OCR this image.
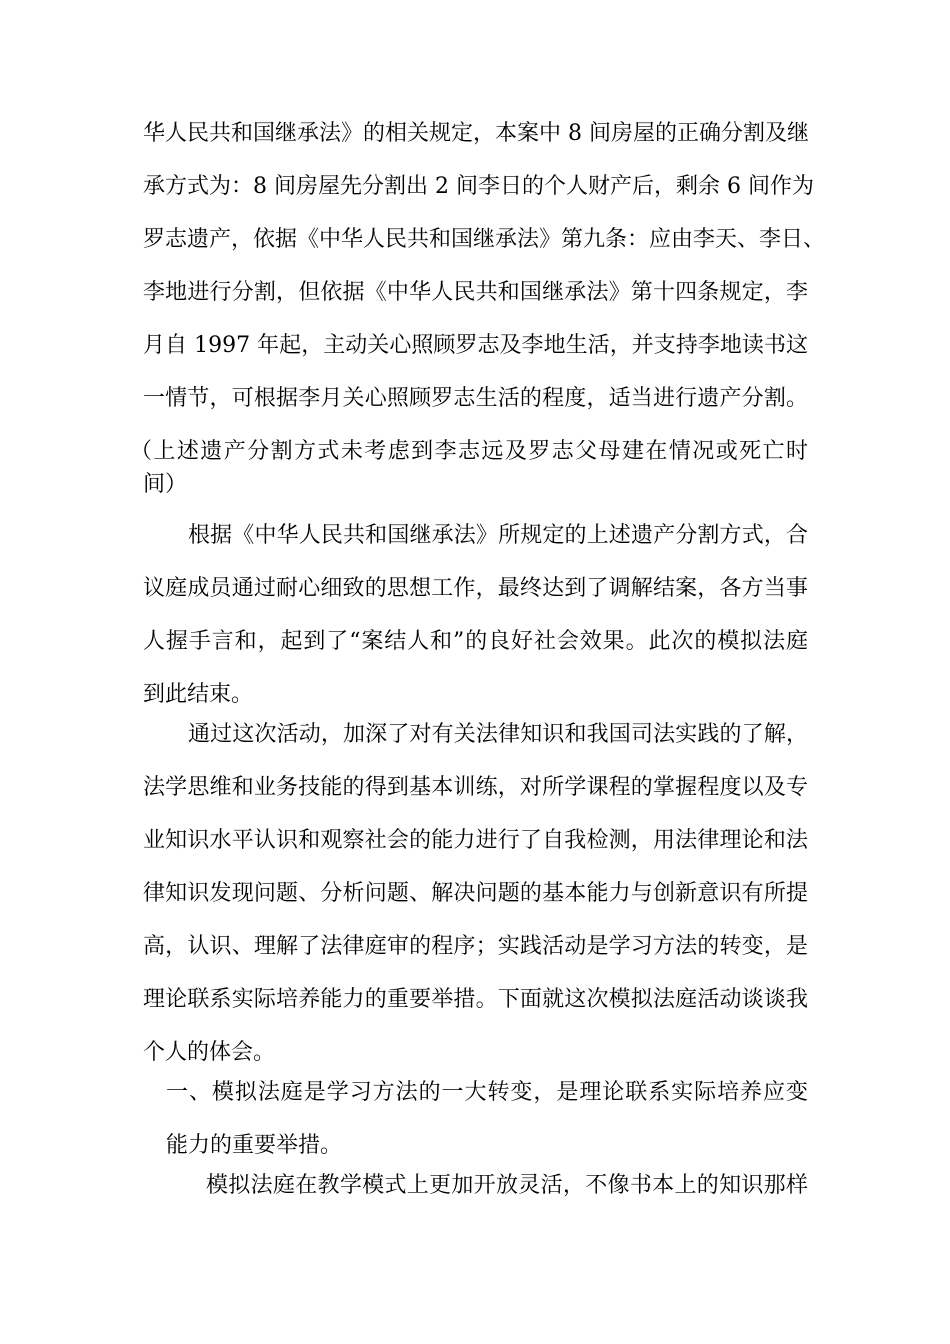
华人民共和国继承法》的相关规定，本案中 8 间房屋的正确分割及继
承方式为：8 间房屋先分割出 2 间李日的个人财产后，剩余 6 间作为
罗志遗产，依据《中华人民共和国继承法》第九条：应由李天、李日、
李地进行分割，但依据《中华人民共和国继承法》第十四条规定，李
月自 1997 年起，主动关心照顾罗志及李地生活，并支持李地读书这
一情节，可根据李月关心照顾罗志生活的程度，适当进行遗产分割。
（上述遗产分割方式未考虑到李志远及罗志父母建在情况或死亡时
间）
根据《中华人民共和国继承法》所规定的上述遗产分割方式，合
议庭成员通过耐心细致的思想工作，最终达到了调解结案，各方当事
人握手言和，起到了“案结人和”的良好社会效果。此次的模拟法庭
到此结束。
通过这次活动，加深了对有关法律知识和我国司法实践的了解，
法学思维和业务技能的得到基本训练，对所学课程的掌握程度以及专
业知识水平认识和观察社会的能力进行了自我检测，用法律理论和法
律知识发现问题、分析问题、解决问题的基本能力与创新意识有所提
高，认识、理解了法律庭审的程序；实践活动是学习方法的转变，是
理论联系实际培养能力的重要举措。下面就这次模拟法庭活动谈谈我
个人的体会。
一、模拟法庭是学习方法的一大转变，是理论联系实际培养应变
能力的重要举措。
模拟法庭在教学模式上更加开放灵活，不像书本上的知识那样
